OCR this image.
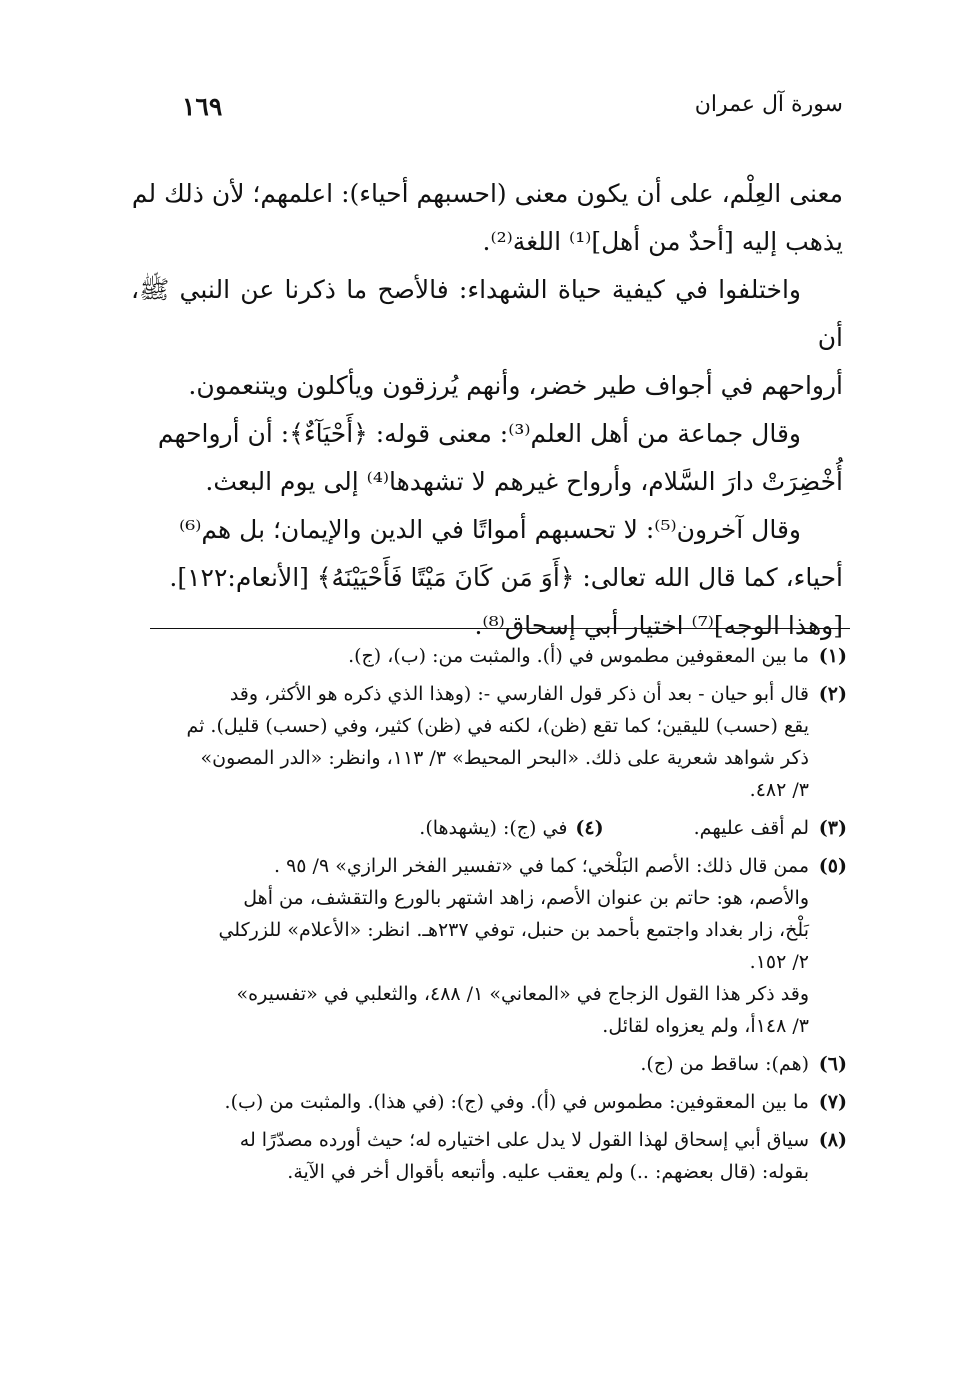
سورة آل عمران
١٦٩

معنى العِلْم، على أن يكون معنى (احسبهم أحياء): اعلمهم؛ لأن ذلك لم

يذهب إليه [أحدٌ من أهل]⁽¹⁾ اللغة⁽²⁾.

واختلفوا في كيفية حياة الشهداء: فالأصح ما ذكرنا عن النبي ﷺ، أن

أرواحهم في أجواف طير خضر، وأنهم يُرزقون ويأكلون ويتنعمون.

وقال جماعة من أهل العلم⁽³⁾: معنى قوله: ﴿أَحْيَآءٌ﴾: أن أرواحهم

أُخْضِرَتْ دارَ السَّلام، وأرواح غيرهم لا تشهدها⁽⁴⁾ إلى يوم البعث.

وقال آخرون⁽⁵⁾: لا تحسبهم أمواتًا في الدين والإيمان؛ بل هم⁽⁶⁾

أحياء، كما قال الله تعالى: ﴿أَوَ مَن كَانَ مَيْتًا فَأَحْيَيْنَهُ﴾ [الأنعام:١٢٢].

[وهذا الوجه]⁽⁷⁾ اختيار أبي إسحاق⁽⁸⁾.

(١)
ما بين المعقوفين مطموس في (أ). والمثبت من: (ب)، (ج).
(٢)
قال أبو حيان - بعد أن ذكر قول الفارسي -: (وهذا الذي ذكره هو الأكثر، وقد
يقع (حسب) لليقين؛ كما تقع (ظن)، لكنه في (ظن) كثير، وفي (حسب) قليل). ثم
ذكر شواهد شعرية على ذلك. «البحر المحيط» ٣/ ١١٣، وانظر: «الدر المصون»
٣/ ٤٨٢.
(٣)
لم أقف عليهم.
(٤)في (ج): (يشهدها).
(٥)
ممن قال ذلك: الأصم البَلْخي؛ كما في «تفسير الفخر الرازي» ٩/ ٩٥ .
والأصم، هو: حاتم بن عنوان الأصم، زاهد اشتهر بالورع والتقشف، من أهل
بَلْخ، زار بغداد واجتمع بأحمد بن حنبل، توفي ٢٣٧هـ. انظر: «الأعلام» للزركلي
٢/ ١٥٢.
وقد ذكر هذا القول الزجاج في «المعاني» ١/ ٤٨٨، والثعلبي في «تفسيره»
٣/ ١٤٨أ، ولم يعزواه لقائل.
(٦)
(هم): ساقط من (ج).
(٧)
ما بين المعقوفين: مطموس في (أ). وفي (ج): (في هذا). والمثبت من (ب).
(٨)
سياق أبي إسحاق لهذا القول لا يدل على اختياره له؛ حيث أورده مصدّرًا له
بقوله: (قال بعضهم: ..) ولم يعقب عليه. وأتبعه بأقوال أخر في الآية.
